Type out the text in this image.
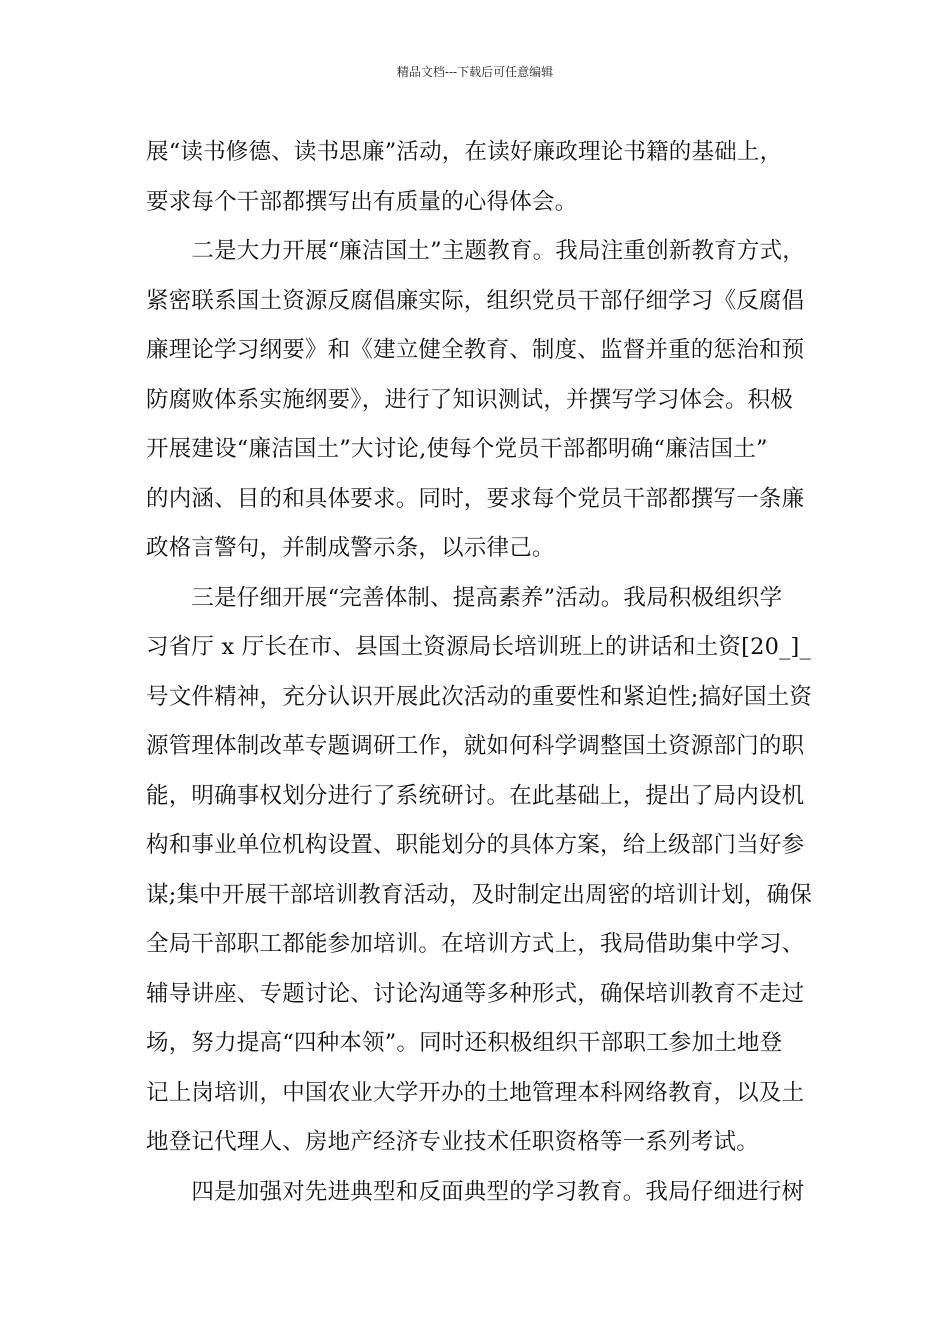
精品文档---下载后可任意编辑
展“读书修德、读书思廉”活动，在读好廉政理论书籍的基础上，
要求每个干部都撰写出有质量的心得体会。
　　二是大力开展“廉洁国土”主题教育。我局注重创新教育方式，
紧密联系国土资源反腐倡廉实际，组织党员干部仔细学习《反腐倡
廉理论学习纲要》和《建立健全教育、制度、监督并重的惩治和预
防腐败体系实施纲要》，进行了知识测试，并撰写学习体会。积极
开展建设“廉洁国土”大讨论,使每个党员干部都明确“廉洁国土”
的内涵、目的和具体要求。同时，要求每个党员干部都撰写一条廉
政格言警句，并制成警示条，以示律己。
　　三是仔细开展“完善体制、提高素养”活动。我局积极组织学
习省厅 x 厅长在市、县国土资源局长培训班上的讲话和土资[20_]_
号文件精神，充分认识开展此次活动的重要性和紧迫性;搞好国土资
源管理体制改革专题调研工作，就如何科学调整国土资源部门的职
能，明确事权划分进行了系统研讨。在此基础上，提出了局内设机
构和事业单位机构设置、职能划分的具体方案，给上级部门当好参
谋;集中开展干部培训教育活动，及时制定出周密的培训计划，确保
全局干部职工都能参加培训。在培训方式上，我局借助集中学习、
辅导讲座、专题讨论、讨论沟通等多种形式，确保培训教育不走过
场，努力提高“四种本领”。同时还积极组织干部职工参加土地登
记上岗培训，中国农业大学开办的土地管理本科网络教育，以及土
地登记代理人、房地产经济专业技术任职资格等一系列考试。
　　四是加强对先进典型和反面典型的学习教育。我局仔细进行树
